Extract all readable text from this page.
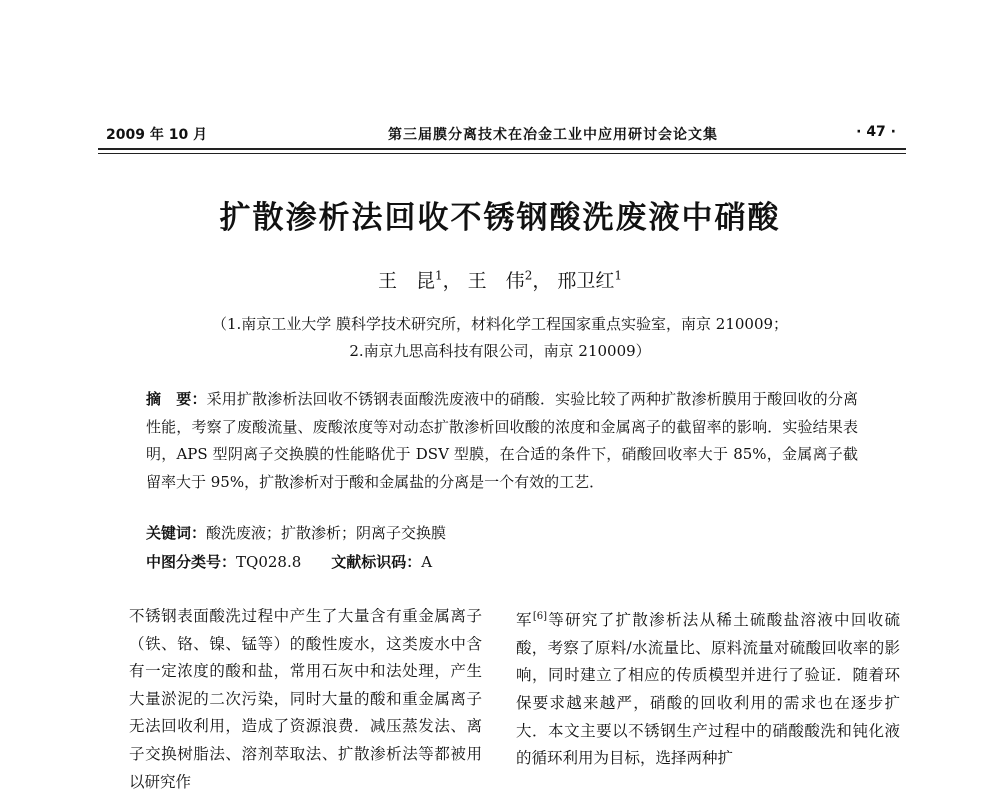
2009 年 10 月	第三届膜分离技术在冶金工业中应用研讨会论文集	· 47 ·
扩散渗析法回收不锈钢酸洗废液中硝酸
王　昆$^1$， 王　伟$^2$， 邢卫红$^1$
（1.南京工业大学 膜科学技术研究所，材料化学工程国家重点实验室，南京 210009；
2.南京九思高科技有限公司，南京 210009）
摘　要：采用扩散渗析法回收不锈钢表面酸洗废液中的硝酸．实验比较了两种扩散渗析膜用于酸回收的分离性能，考察了废酸流量、废酸浓度等对动态扩散渗析回收酸的浓度和金属离子的截留率的影响．实验结果表明，APS 型阴离子交换膜的性能略优于 DSV 型膜，在合适的条件下，硝酸回收率大于 85%，金属离子截留率大于 95%，扩散渗析对于酸和金属盐的分离是一个有效的工艺．
关键词：酸洗废液；扩散渗析；阴离子交换膜
中图分类号：TQ028.8 文献标识码：A

不锈钢表面酸洗过程中产生了大量含有重金属离子（铁、铬、镍、锰等）的酸性废水，这类废水中含有一定浓度的酸和盐，常用石灰中和法处理，产生大量淤泥的二次污染，同时大量的酸和重金属离子无法回收利用，造成了资源浪费．减压蒸发法、离子交换树脂法、溶剂萃取法、扩散渗析法等都被用以研究作

军[6]等研究了扩散渗析法从稀土硫酸盐溶液中回收硫酸，考察了原料/水流量比、原料流量对硫酸回收率的影响，同时建立了相应的传质模型并进行了验证．随着环保要求越来越严，硝酸的回收利用的需求也在逐步扩大．本文主要以不锈钢生产过程中的硝酸酸洗和钝化液的循环利用为目标，选择两种扩
